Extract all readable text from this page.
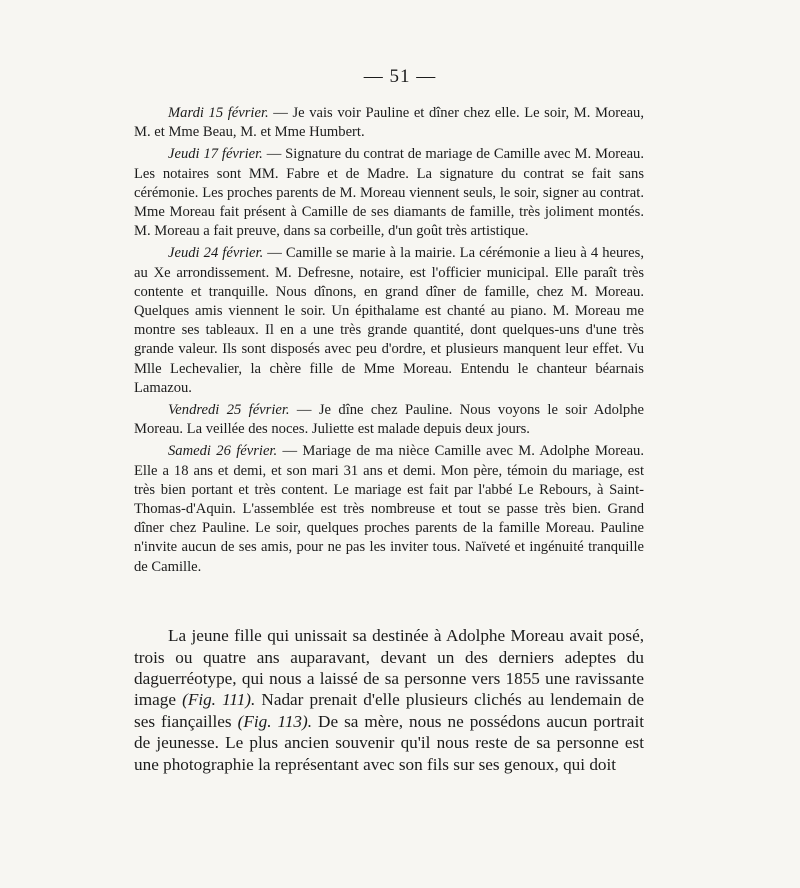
— 51 —

Mardi 15 février. — Je vais voir Pauline et dîner chez elle. Le soir, M. Moreau, M. et Mme Beau, M. et Mme Humbert.

Jeudi 17 février. — Signature du contrat de mariage de Camille avec M. Moreau. Les notaires sont MM. Fabre et de Madre. La signature du contrat se fait sans cérémonie. Les proches parents de M. Moreau viennent seuls, le soir, signer au contrat. Mme Moreau fait présent à Camille de ses diamants de famille, très joliment montés. M. Moreau a fait preuve, dans sa corbeille, d'un goût très artistique.

Jeudi 24 février. — Camille se marie à la mairie. La cérémonie a lieu à 4 heures, au Xe arrondissement. M. Defresne, notaire, est l'officier municipal. Elle paraît très contente et tranquille. Nous dînons, en grand dîner de famille, chez M. Moreau. Quelques amis viennent le soir. Un épithalame est chanté au piano. M. Moreau me montre ses tableaux. Il en a une très grande quantité, dont quelques-uns d'une très grande valeur. Ils sont disposés avec peu d'ordre, et plusieurs manquent leur effet. Vu Mlle Lechevalier, la chère fille de Mme Moreau. Entendu le chanteur béarnais Lamazou.

Vendredi 25 février. — Je dîne chez Pauline. Nous voyons le soir Adolphe Moreau. La veillée des noces. Juliette est malade depuis deux jours.

Samedi 26 février. — Mariage de ma nièce Camille avec M. Adolphe Moreau. Elle a 18 ans et demi, et son mari 31 ans et demi. Mon père, témoin du mariage, est très bien portant et très content. Le mariage est fait par l'abbé Le Rebours, à Saint-Thomas-d'Aquin. L'assemblée est très nombreuse et tout se passe très bien. Grand dîner chez Pauline. Le soir, quelques proches parents de la famille Moreau. Pauline n'invite aucun de ses amis, pour ne pas les inviter tous. Naïveté et ingénuité tranquille de Camille.

La jeune fille qui unissait sa destinée à Adolphe Moreau avait posé, trois ou quatre ans auparavant, devant un des derniers adeptes du daguerréotype, qui nous a laissé de sa personne vers 1855 une ravissante image (Fig. 111). Nadar prenait d'elle plusieurs clichés au lendemain de ses fiançailles (Fig. 113). De sa mère, nous ne possédons aucun portrait de jeunesse. Le plus ancien souvenir qu'il nous reste de sa personne est une photographie la représentant avec son fils sur ses genoux, qui doit
